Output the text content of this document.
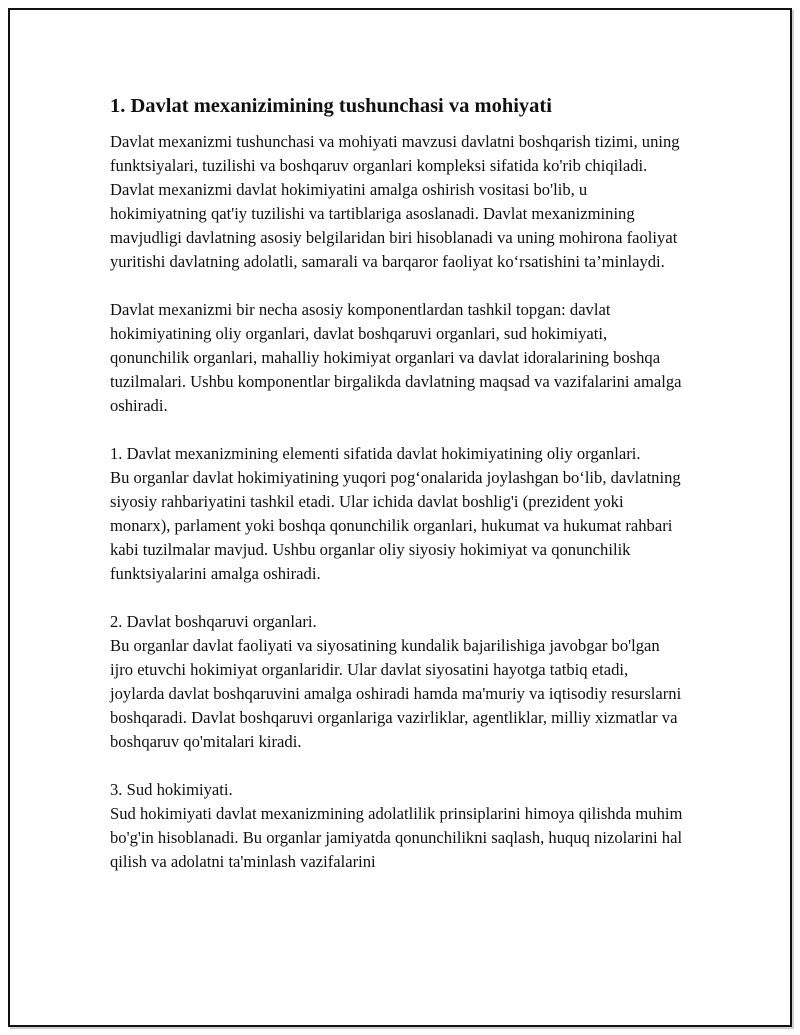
1. Davlat mexanizimining tushunchasi va mohiyati

Davlat mexanizmi tushunchasi va mohiyati mavzusi davlatni boshqarish tizimi, uning funktsiyalari, tuzilishi va boshqaruv organlari kompleksi sifatida ko'rib chiqiladi. Davlat mexanizmi davlat hokimiyatini amalga oshirish vositasi bo'lib, u hokimiyatning qat'iy tuzilishi va tartiblariga asoslanadi. Davlat mexanizmining mavjudligi davlatning asosiy belgilaridan biri hisoblanadi va uning mohirona faoliyat yuritishi davlatning adolatli, samarali va barqaror faoliyat ko‘rsatishini ta’minlaydi.

Davlat mexanizmi bir necha asosiy komponentlardan tashkil topgan: davlat hokimiyatining oliy organlari, davlat boshqaruvi organlari, sud hokimiyati, qonunchilik organlari, mahalliy hokimiyat organlari va davlat idoralarining boshqa tuzilmalari. Ushbu komponentlar birgalikda davlatning maqsad va vazifalarini amalga oshiradi.

1. Davlat mexanizmining elementi sifatida davlat hokimiyatining oliy organlari.

Bu organlar davlat hokimiyatining yuqori pog‘onalarida joylashgan bo‘lib, davlatning siyosiy rahbariyatini tashkil etadi. Ular ichida davlat boshlig'i (prezident yoki monarx), parlament yoki boshqa qonunchilik organlari, hukumat va hukumat rahbari kabi tuzilmalar mavjud. Ushbu organlar oliy siyosiy hokimiyat va qonunchilik funktsiyalarini amalga oshiradi.

2. Davlat boshqaruvi organlari.

Bu organlar davlat faoliyati va siyosatining kundalik bajarilishiga javobgar bo'lgan ijro etuvchi hokimiyat organlaridir. Ular davlat siyosatini hayotga tatbiq etadi, joylarda davlat boshqaruvini amalga oshiradi hamda ma'muriy va iqtisodiy resurslarni boshqaradi. Davlat boshqaruvi organlariga vazirliklar, agentliklar, milliy xizmatlar va boshqaruv qo'mitalari kiradi.

3. Sud hokimiyati.

Sud hokimiyati davlat mexanizmining adolatlilik prinsiplarini himoya qilishda muhim bo'g'in hisoblanadi. Bu organlar jamiyatda qonunchilikni saqlash, huquq nizolarini hal qilish va adolatni ta'minlash vazifalarini
